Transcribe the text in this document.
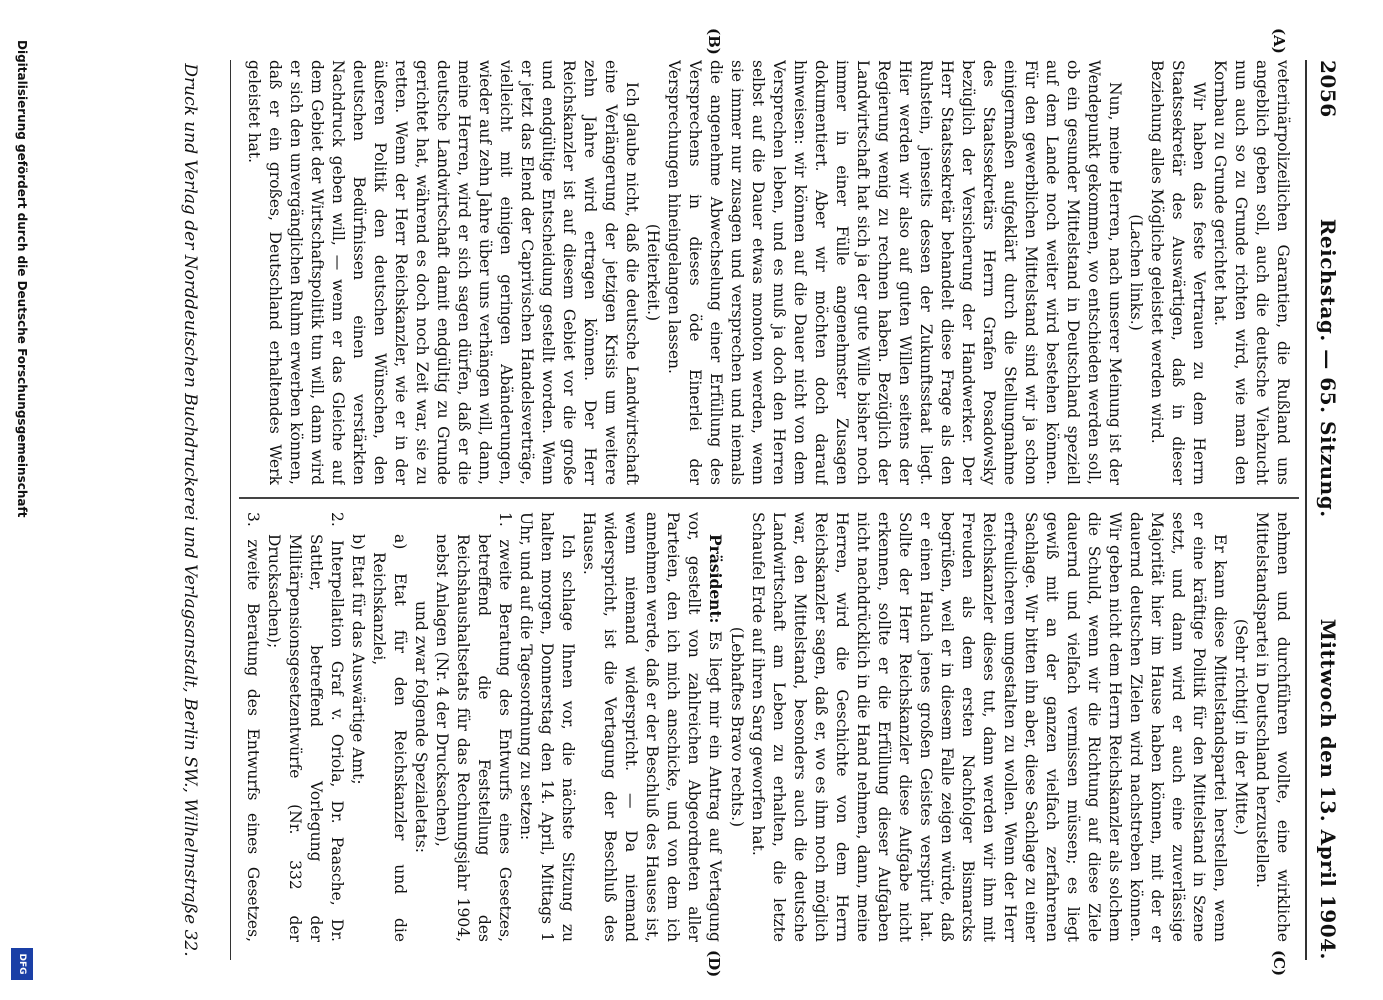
2056
Reichstag. — 65. Sitzung.
Mittwoch den 13. April 1904.
(A)
(B)
(C)
(D)

veterinärpolizeilichen Garantien, die Rußland uns angeblich geben soll, auch die deutsche Viehzucht nun auch so zu Grunde richten wird, wie man den Kornbau zu Grunde gerichtet hat.

Wir haben das feste Vertrauen zu dem Herrn Staatssekretär des Auswärtigen, daß in dieser Beziehung alles Mögliche geleistet werden wird.

(Lachen links.)

Nun, meine Herren, nach unserer Meinung ist der Wendepunkt gekommen, wo entschieden werden soll, ob ein gesunder Mittelstand in Deutschland speziell auf dem Lande noch weiter wird bestehen können. Für den gewerblichen Mittelstand sind wir ja schon einigermaßen aufgeklärt durch die Stellungnahme des Staatssekretärs Herrn Grafen Posadowsky bezüglich der Versicherung der Handwerker. Der Herr Staatssekretär behandelt diese Frage als den Ruhstein, jenseits dessen der Zukunftsstaat liegt. Hier werden wir also auf guten Willen seitens der Regierung wenig zu rechnen haben. Bezüglich der Landwirtschaft hat sich ja der gute Wille bisher noch immer in einer Fülle angenehmster Zusagen dokumentiert. Aber wir möchten doch darauf hinweisen: wir können auf die Dauer nicht von dem Versprechen leben, und es muß ja doch den Herren selbst auf die Dauer etwas monoton werden, wenn sie immer nur zusagen und versprechen und niemals die angenehme Abwechselung einer Erfüllung des Versprechens in dieses öde Einerlei der Versprechungen hineingelangen lassen.

(Heiterkeit.)

Ich glaube nicht, daß die deutsche Landwirtschaft eine Verlängerung der jetzigen Krisis um weitere zehn Jahre wird ertragen können. Der Herr Reichskanzler ist auf diesem Gebiet vor die große und endgültige Entscheidung gestellt worden. Wenn er jetzt das Elend der Caprivischen Handelsverträge, vielleicht mit einigen geringen Abänderungen, wieder auf zehn Jahre über uns verhängen will, dann, meine Herren, wird er sich sagen dürfen, daß er die deutsche Landwirtschaft damit endgültig zu Grunde gerichtet hat, während es doch noch Zeit war, sie zu retten. Wenn der Herr Reichskanzler, wie er in der äußeren Politik den deutschen Wünschen, den deutschen Bedürfnissen einen verstärkten Nachdruck geben will, — wenn er das Gleiche auf dem Gebiet der Wirtschaftspolitik tun will, dann wird er sich den unvergänglichen Ruhm erwerben können, daß er ein großes, Deutschland erhaltendes Werk geleistet hat.

nehmen und durchführen wollte, eine wirkliche Mittelstandspartei in Deutschland herzustellen.

(Sehr richtig! in der Mitte.)

Er kann diese Mittelstandspartei herstellen, wenn er eine kräftige Politik für den Mittelstand in Szene setzt, und dann wird er auch eine zuverlässige Majorität hier im Hause haben können, mit der er dauernd deutschen Zielen wird nachstreben können. Wir geben nicht dem Herrn Reichskanzler als solchem die Schuld, wenn wir die Richtung auf diese Ziele dauernd und vielfach vermissen müssen; es liegt gewiß mit an der ganzen vielfach zerfahrenen Sachlage. Wir bitten ihn aber, diese Sachlage zu einer erfreulicheren umgestalten zu wollen. Wenn der Herr Reichskanzler dieses tut, dann werden wir ihm mit Freuden als dem ersten Nachfolger Bismarcks begrüßen, weil er in diesem Falle zeigen würde, daß er einen Hauch jenes großen Geistes verspürt hat. Sollte der Herr Reichskanzler diese Aufgabe nicht erkennen, sollte er die Erfüllung dieser Aufgaben nicht nachdrücklich in die Hand nehmen, dann, meine Herren, wird die Geschichte von dem Herrn Reichskanzler sagen, daß er, wo es ihm noch möglich war, den Mittelstand, besonders auch die deutsche Landwirtschaft am Leben zu erhalten, die letzte Schaufel Erde auf ihren Sarg geworfen hat.

(Lebhaftes Bravo rechts.)

Präsident: Es liegt mir ein Antrag auf Vertagung vor, gestellt von zahlreichen Abgeordneten aller Parteien, den ich mich anschicke, und von dem ich annehmen werde, daß er der Beschluß des Hauses ist, wenn niemand widerspricht. — Da niemand widerspricht, ist die Vertagung der Beschluß des Hauses.

Ich schlage Ihnen vor, die nächste Sitzung zu halten morgen, Donnerstag den 14. April, Mittags 1 Uhr, und auf die Tagesordnung zu setzen:

1. zweite Beratung des Entwurfs eines Gesetzes, betreffend die Feststellung des Reichshaushaltsetats für das Rechnungsjahr 1904, nebst Anlagen (Nr. 4 der Drucksachen),

und zwar folgende Spezialetats:

a) Etat für den Reichskanzler und die Reichskanzlei,

b) Etat für das Auswärtige Amt;

2. Interpellation Graf v. Oriola, Dr. Paasche, Dr. Sattler, betreffend Vorlegung der Militärpensionsgesetzentwürfe (Nr. 332 der Drucksachen);

3. zweite Beratung des Entwurfs eines Gesetzes,

Druck und Verlag der Norddeutschen Buchdruckerei und Verlagsanstalt, Berlin SW., Wilhelmstraße 32.
Digitalisierung gefördert durch die Deutsche Forschungsgemeinschaft
DFG
